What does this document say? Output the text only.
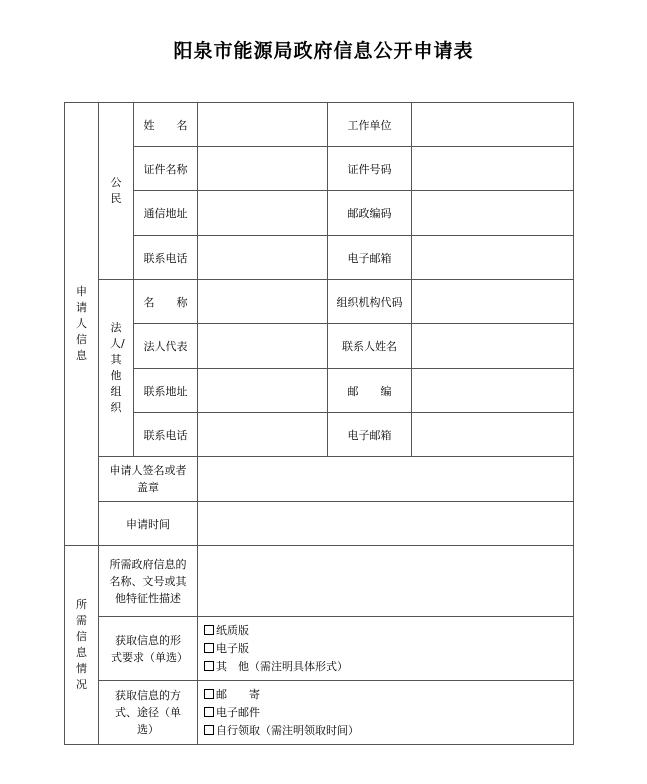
阳泉市能源局政府信息公开申请表
申请人信息	公民	姓　　名		工作单位	
		证件名称		证件号码	
		通信地址		邮政编码	
		联系电话		电子邮箱	
	法人/其他组织	名　　称		组织机构代码	
		法人代表		联系人姓名	
		联系地址		邮　　编	
		联系电话		电子邮箱	
	申请人签名或者盖章				
	申请时间				
所需信息情况	所需政府信息的名称、文号或其他特征性描述				
	获取信息的形式要求（单选）		纸质版
电子版
其　他（需注明具体形式）		

	获取信息的方式、途径（单选）		邮　　寄
电子邮件
自行领取（需注明领取时间）		
